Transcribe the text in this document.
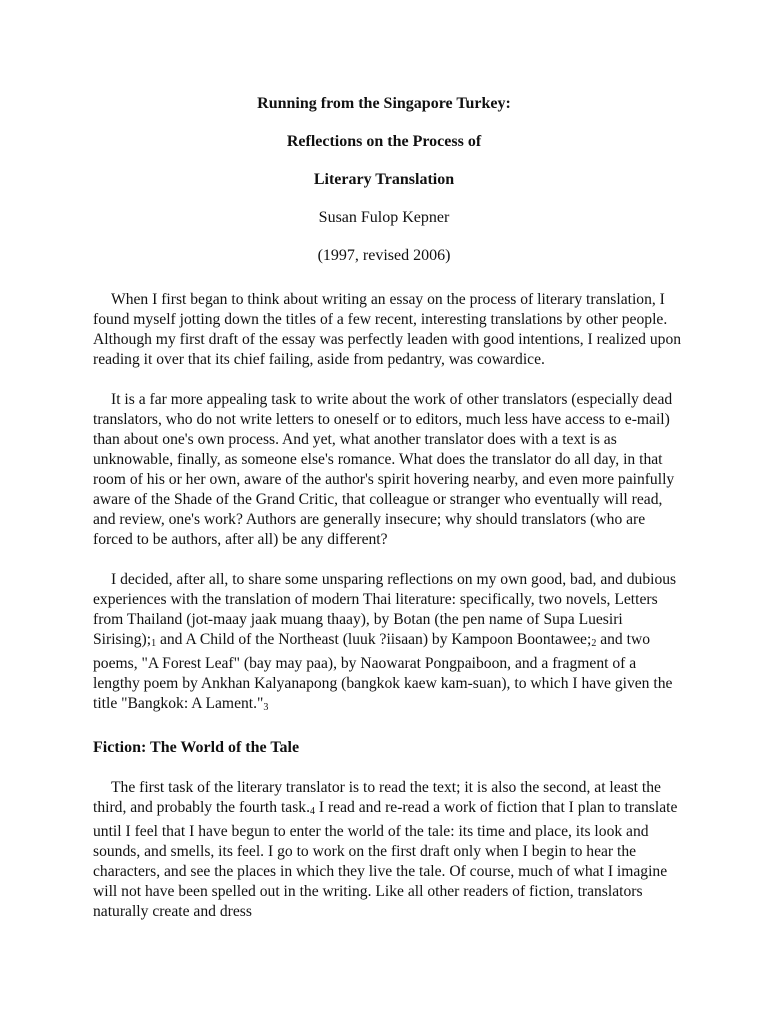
Running from the Singapore Turkey:
Reflections on the Process of
Literary Translation
Susan Fulop Kepner
(1997, revised 2006)

When I first began to think about writing an essay on the process of literary translation, I found myself jotting down the titles of a few recent, interesting translations by other people. Although my first draft of the essay was perfectly leaden with good intentions, I realized upon reading it over that its chief failing, aside from pedantry, was cowardice.

It is a far more appealing task to write about the work of other translators (especially dead translators, who do not write letters to oneself or to editors, much less have access to e-mail) than about one's own process. And yet, what another translator does with a text is as unknowable, finally, as someone else's romance. What does the translator do all day, in that room of his or her own, aware of the author's spirit hovering nearby, and even more painfully aware of the Shade of the Grand Critic, that colleague or stranger who eventually will read, and review, one's work? Authors are generally insecure; why should translators (who are forced to be authors, after all) be any different?

I decided, after all, to share some unsparing reflections on my own good, bad, and dubious experiences with the translation of modern Thai literature: specifically, two novels, Letters from Thailand (jot-maay jaak muang thaay), by Botan (the pen name of Supa Luesiri $Sirising);_1$ and A Child of the Northeast (luuk ?iisaan) by Kampoon $Boontawee;_2$ and two poems, "A Forest Leaf" (bay may paa), by Naowarat Pongpaiboon, and a fragment of a lengthy poem by Ankhan Kalyanapong (bangkok kaew kam-suan), to which I have given the title "Bangkok: A $Lament."_3$

Fiction: The World of the Tale

The first task of the literary translator is to read the text; it is also the second, at least the third, and probably the fourth $task._4$ I read and re-read a work of fiction that I plan to translate until I feel that I have begun to enter the world of the tale: its time and place, its look and sounds, and smells, its feel. I go to work on the first draft only when I begin to hear the characters, and see the places in which they live the tale. Of course, much of what I imagine will not have been spelled out in the writing. Like all other readers of fiction, translators naturally create and dress
